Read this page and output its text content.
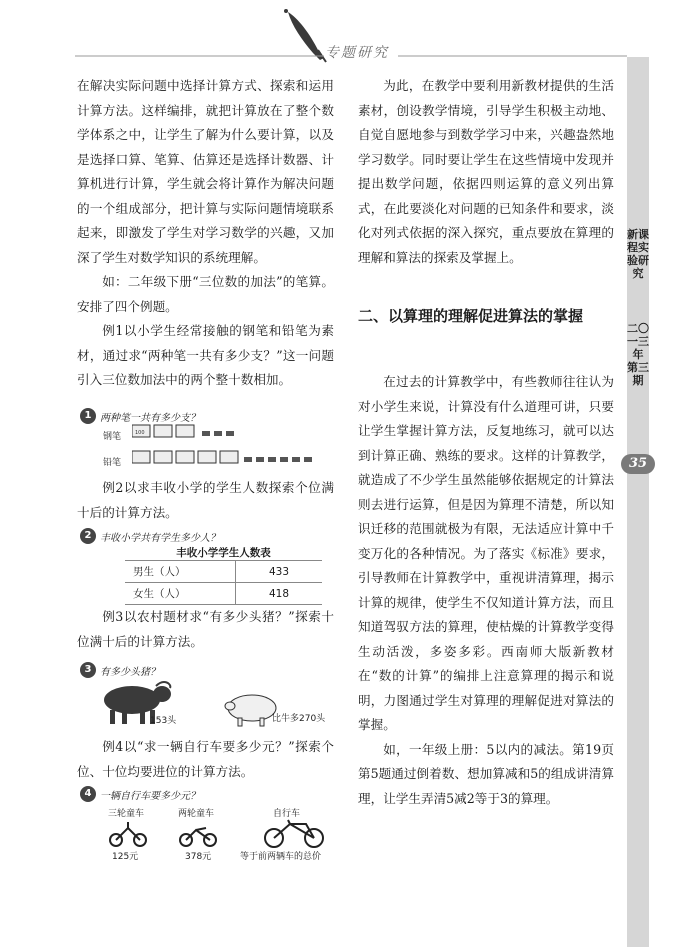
专题研究
新课程实验研究
二〇一三年 第三期
35

在解决实际问题中选择计算方式、探索和运用计算方法。这样编排，就把计算放在了整个数学体系之中，让学生了解为什么要计算，以及是选择口算、笔算、估算还是选择计数器、计算机进行计算，学生就会将计算作为解决问题的一个组成部分，把计算与实际问题情境联系起来，即激发了学生对学习数学的兴趣，又加深了学生对数学知识的系统理解。

如：二年级下册“三位数的加法”的笔算。安排了四个例题。

例1以小学生经常接触的钢笔和铅笔为素材，通过求“两种笔一共有多少支？”这一问题引入三位数加法中的两个整十数相加。

1 两种笔一共有多少支？
钢笔
铅笔
100

例2以求丰收小学的学生人数探索个位满十后的计算方法。

2 丰收小学共有学生多少人？
丰收小学学生人数表
男生（人）	433
女生（人）	418

例3以农村题材求“有多少头猪？”探索十位满十后的计算方法。

3 有多少头猪？
153头	比牛多270头

例4以“求一辆自行车要多少元？”探索个位、十位均要进位的计算方法。

4 一辆自行车要多少元？
三轮童车	两轮童车	自行车
125元	378元	等于前两辆车的总价

为此，在教学中要利用新教材提供的生活素材，创设教学情境，引导学生积极主动地、自觉自愿地参与到数学学习中来，兴趣盎然地学习数学。同时要让学生在这些情境中发现并提出数学问题，依据四则运算的意义列出算式，在此要淡化对问题的已知条件和要求，淡化对列式依据的深入探究，重点要放在算理的理解和算法的探索及掌握上。

二、以算理的理解促进算法的掌握

在过去的计算教学中，有些教师往往认为对小学生来说，计算没有什么道理可讲，只要让学生掌握计算方法，反复地练习，就可以达到计算正确、熟练的要求。这样的计算教学，就造成了不少学生虽然能够依据规定的计算法则去进行运算，但是因为算理不清楚，所以知识迁移的范围就极为有限，无法适应计算中千变万化的各种情况。为了落实《标准》要求，引导教师在计算教学中，重视讲清算理，揭示计算的规律，使学生不仅知道计算方法，而且知道驾驭方法的算理，使枯燥的计算教学变得生动活泼，多姿多彩。西南师大版新教材在“数的计算”的编排上注意算理的揭示和说明，力图通过学生对算理的理解促进对算法的掌握。

如，一年级上册：5以内的减法。第19页第5题通过倒着数、想加算减和5的组成讲清算理，让学生弄清5减2等于3的算理。
